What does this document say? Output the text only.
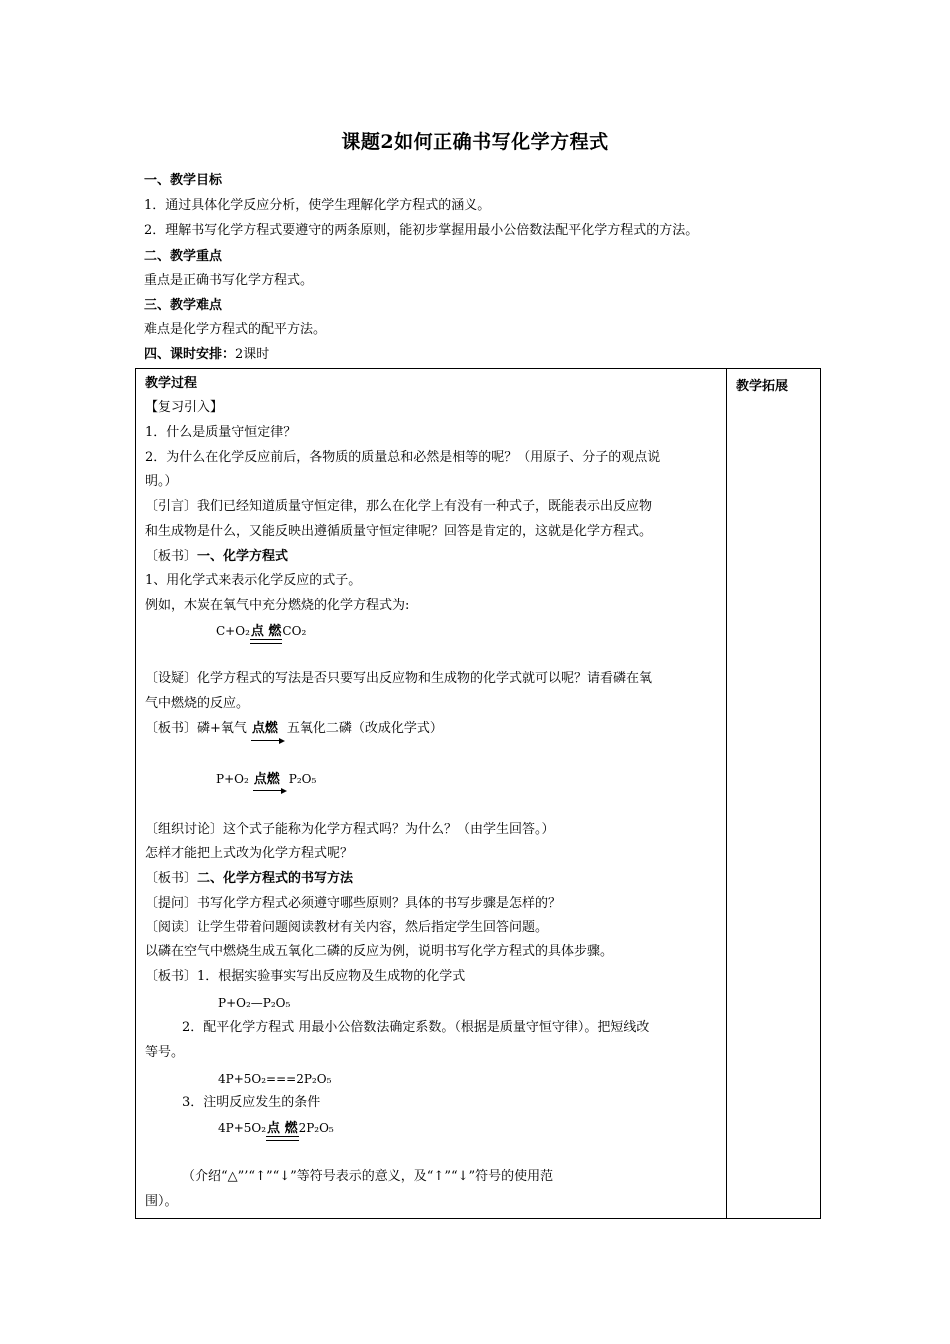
课题2如何正确书写化学方程式
一、教学目标
1．通过具体化学反应分析，使学生理解化学方程式的涵义。
2．理解书写化学方程式要遵守的两条原则，能初步掌握用最小公倍数法配平化学方程式的方法。
二、教学重点
重点是正确书写化学方程式。
三、教学难点
难点是化学方程式的配平方法。
四、课时安排：2课时
教学拓展
教学过程
【复习引入】
1．什么是质量守恒定律？
2．为什么在化学反应前后，各物质的质量总和必然是相等的呢？（用原子、分子的观点说
明。）
〔引言〕我们已经知道质量守恒定律，那么在化学上有没有一种式子，既能表示出反应物
和生成物是什么，又能反映出遵循质量守恒定律呢？回答是肯定的，这就是化学方程式。
〔板书〕一、化学方程式
1、用化学式来表示化学反应的式子。
例如，木炭在氧气中充分燃烧的化学方程式为:
C+O₂点 燃
CO₂
〔设疑〕化学方程式的写法是否只要写出反应物和生成物的化学式就可以呢？请看磷在氧
气中燃烧的反应。
〔板书〕磷+氧气 点燃 五氧化二磷（改成化学式）
P+O₂ 点燃 P₂O₅
〔组织讨论〕这个式子能称为化学方程式吗？为什么？（由学生回答。）
怎样才能把上式改为化学方程式呢？
〔板书〕二、化学方程式的书写方法
〔提问〕书写化学方程式必须遵守哪些原则？具体的书写步骤是怎样的？
〔阅读〕让学生带着问题阅读教材有关内容，然后指定学生回答问题。
以磷在空气中燃烧生成五氧化二磷的反应为例，说明书写化学方程式的具体步骤。
〔板书〕1．根据实验事实写出反应物及生成物的化学式
P+O₂—P₂O₅
2．配平化学方程式 用最小公倍数法确定系数。（根据是质量守恒守律）。把短线改
等号。
4P+5O₂===2P₂O₅
3．注明反应发生的条件
4P+5O₂点 燃
2P₂O₅
（介绍“△”’“↑”“↓”等符号表示的意义，及“↑”“↓”符号的使用范
围）。
